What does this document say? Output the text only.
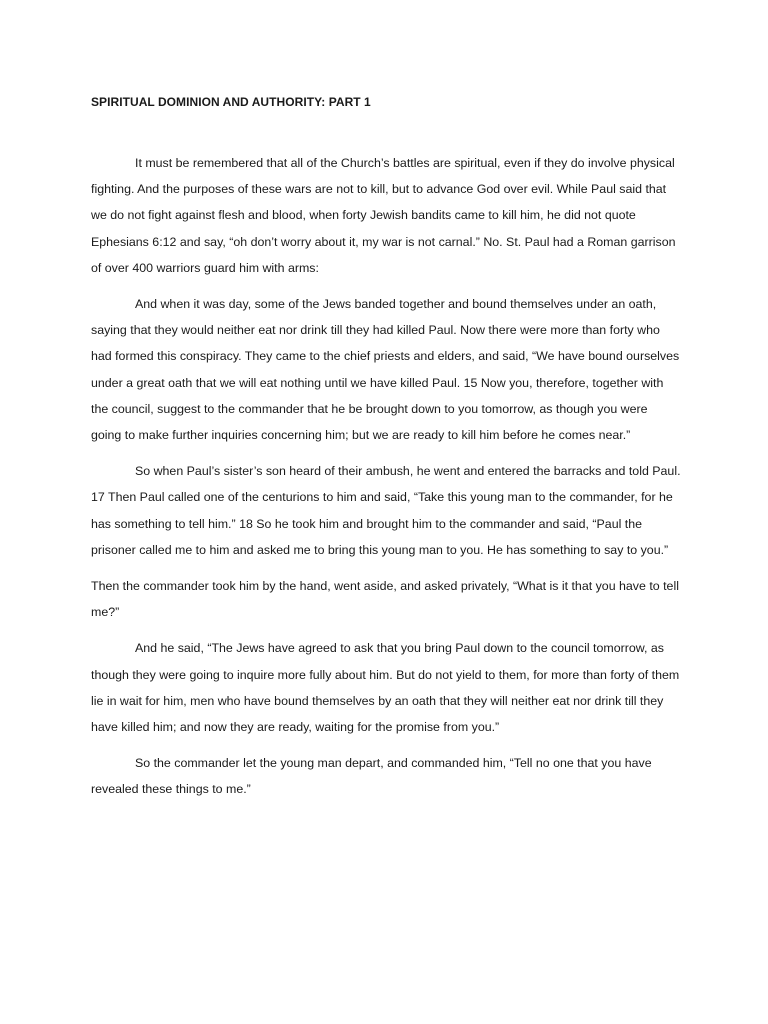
SPIRITUAL DOMINION AND AUTHORITY: PART 1

It must be remembered that all of the Church’s battles are spiritual, even if they do involve physical fighting. And the purposes of these wars are not to kill, but to advance God over evil. While Paul said that we do not fight against flesh and blood, when forty Jewish bandits came to kill him, he did not quote Ephesians 6:12 and say, “oh don’t worry about it, my war is not carnal.” No. St. Paul had a Roman garrison of over 400 warriors guard him with arms:

And when it was day, some of the Jews banded together and bound themselves under an oath, saying that they would neither eat nor drink till they had killed Paul. Now there were more than forty who had formed this conspiracy. They came to the chief priests and elders, and said, “We have bound ourselves under a great oath that we will eat nothing until we have killed Paul. 15 Now you, therefore, together with the council, suggest to the commander that he be brought down to you tomorrow, as though you were going to make further inquiries concerning him; but we are ready to kill him before he comes near.”

So when Paul’s sister’s son heard of their ambush, he went and entered the barracks and told Paul. 17 Then Paul called one of the centurions to him and said, “Take this young man to the commander, for he has something to tell him.” 18 So he took him and brought him to the commander and said, “Paul the prisoner called me to him and asked me to bring this young man to you. He has something to say to you.”

Then the commander took him by the hand, went aside, and asked privately, “What is it that you have to tell me?”

And he said, “The Jews have agreed to ask that you bring Paul down to the council tomorrow, as though they were going to inquire more fully about him. But do not yield to them, for more than forty of them lie in wait for him, men who have bound themselves by an oath that they will neither eat nor drink till they have killed him; and now they are ready, waiting for the promise from you.”

So the commander let the young man depart, and commanded him, “Tell no one that you have revealed these things to me.”
